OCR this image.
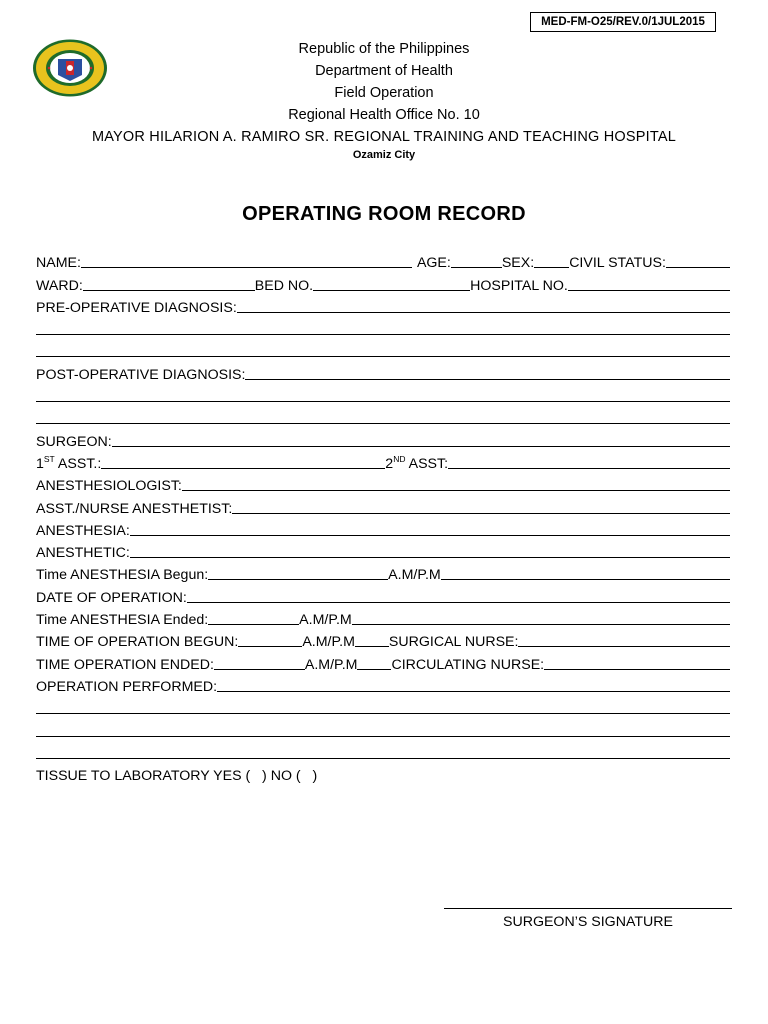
MED-FM-O25/REV.0/1JUL2015
Republic of the Philippines
Department of Health
Field Operation
Regional Health Office No. 10
MAYOR HILARION A. RAMIRO SR. REGIONAL TRAINING AND TEACHING HOSPITAL
Ozamiz City
OPERATING ROOM RECORD
NAME:	AGE:	SEX: CIVIL STATUS:
WARD:	BED NO.	HOSPITAL NO.
PRE-OPERATIVE DIAGNOSIS:
POST-OPERATIVE DIAGNOSIS:
SURGEON:
1ST ASST.:	2ND ASST:
ANESTHESIOLOGIST:
ASST./NURSE ANESTHETIST:
ANESTHESIA:
ANESTHETIC:
Time ANESTHESIA Begun:	A.M/P.M
DATE OF OPERATION:
Time ANESTHESIA Ended:	A.M/P.M
TIME OF OPERATION BEGUN:	A.M/P.M SURGICAL NURSE:
TIME OPERATION ENDED:	A.M/P.M CIRCULATING NURSE:
OPERATION PERFORMED:
TISSUE TO LABORATORY YES (   ) NO (   )
SURGEON’S SIGNATURE
